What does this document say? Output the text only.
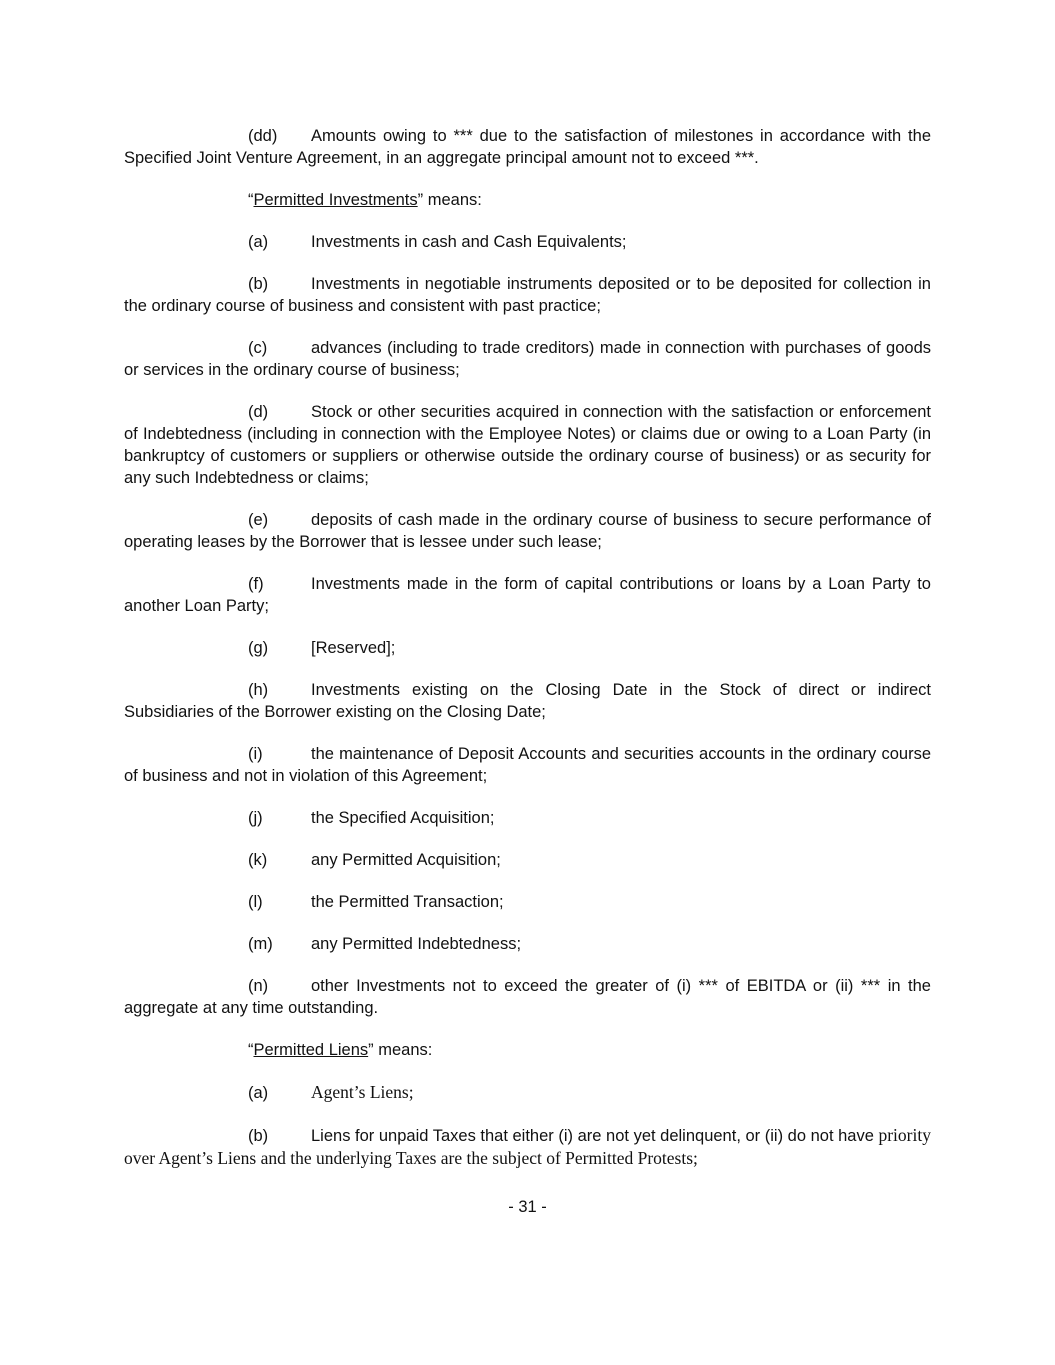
(dd) Amounts owing to *** due to the satisfaction of milestones in accordance with the Specified Joint Venture Agreement, in an aggregate principal amount not to exceed ***.

“Permitted Investments” means:

(a)	Investments in cash and Cash Equivalents;

(b)	Investments in negotiable instruments deposited or to be deposited for collection in the ordinary course of business and consistent with past practice;

(c)	advances (including to trade creditors) made in connection with purchases of goods or services in the ordinary course of business;

(d)	Stock or other securities acquired in connection with the satisfaction or enforcement of Indebtedness (including in connection with the Employee Notes) or claims due or owing to a Loan Party (in bankruptcy of customers or suppliers or otherwise outside the ordinary course of business) or as security for any such Indebtedness or claims;

(e)	deposits of cash made in the ordinary course of business to secure performance of operating leases by the Borrower that is lessee under such lease;

(f)	Investments made in the form of capital contributions or loans by a Loan Party to another Loan Party;

(g)	[Reserved];

(h)	Investments existing on the Closing Date in the Stock of direct or indirect Subsidiaries of the Borrower existing on the Closing Date;

(i)	the maintenance of Deposit Accounts and securities accounts in the ordinary course of business and not in violation of this Agreement;

(j)	the Specified Acquisition;

(k)	any Permitted Acquisition;

(l)	the Permitted Transaction;

(m) any Permitted Indebtedness;

(n)	other Investments not to exceed the greater of (i) *** of EBITDA or (ii) *** in the aggregate at any time outstanding.

“Permitted Liens” means:

(a) Agent’s Liens;

(b)	Liens for unpaid Taxes that either (i) are not yet delinquent, or (ii) do not have priority over Agent’s Liens and the underlying Taxes are the subject of Permitted Protests;

- 31 -
